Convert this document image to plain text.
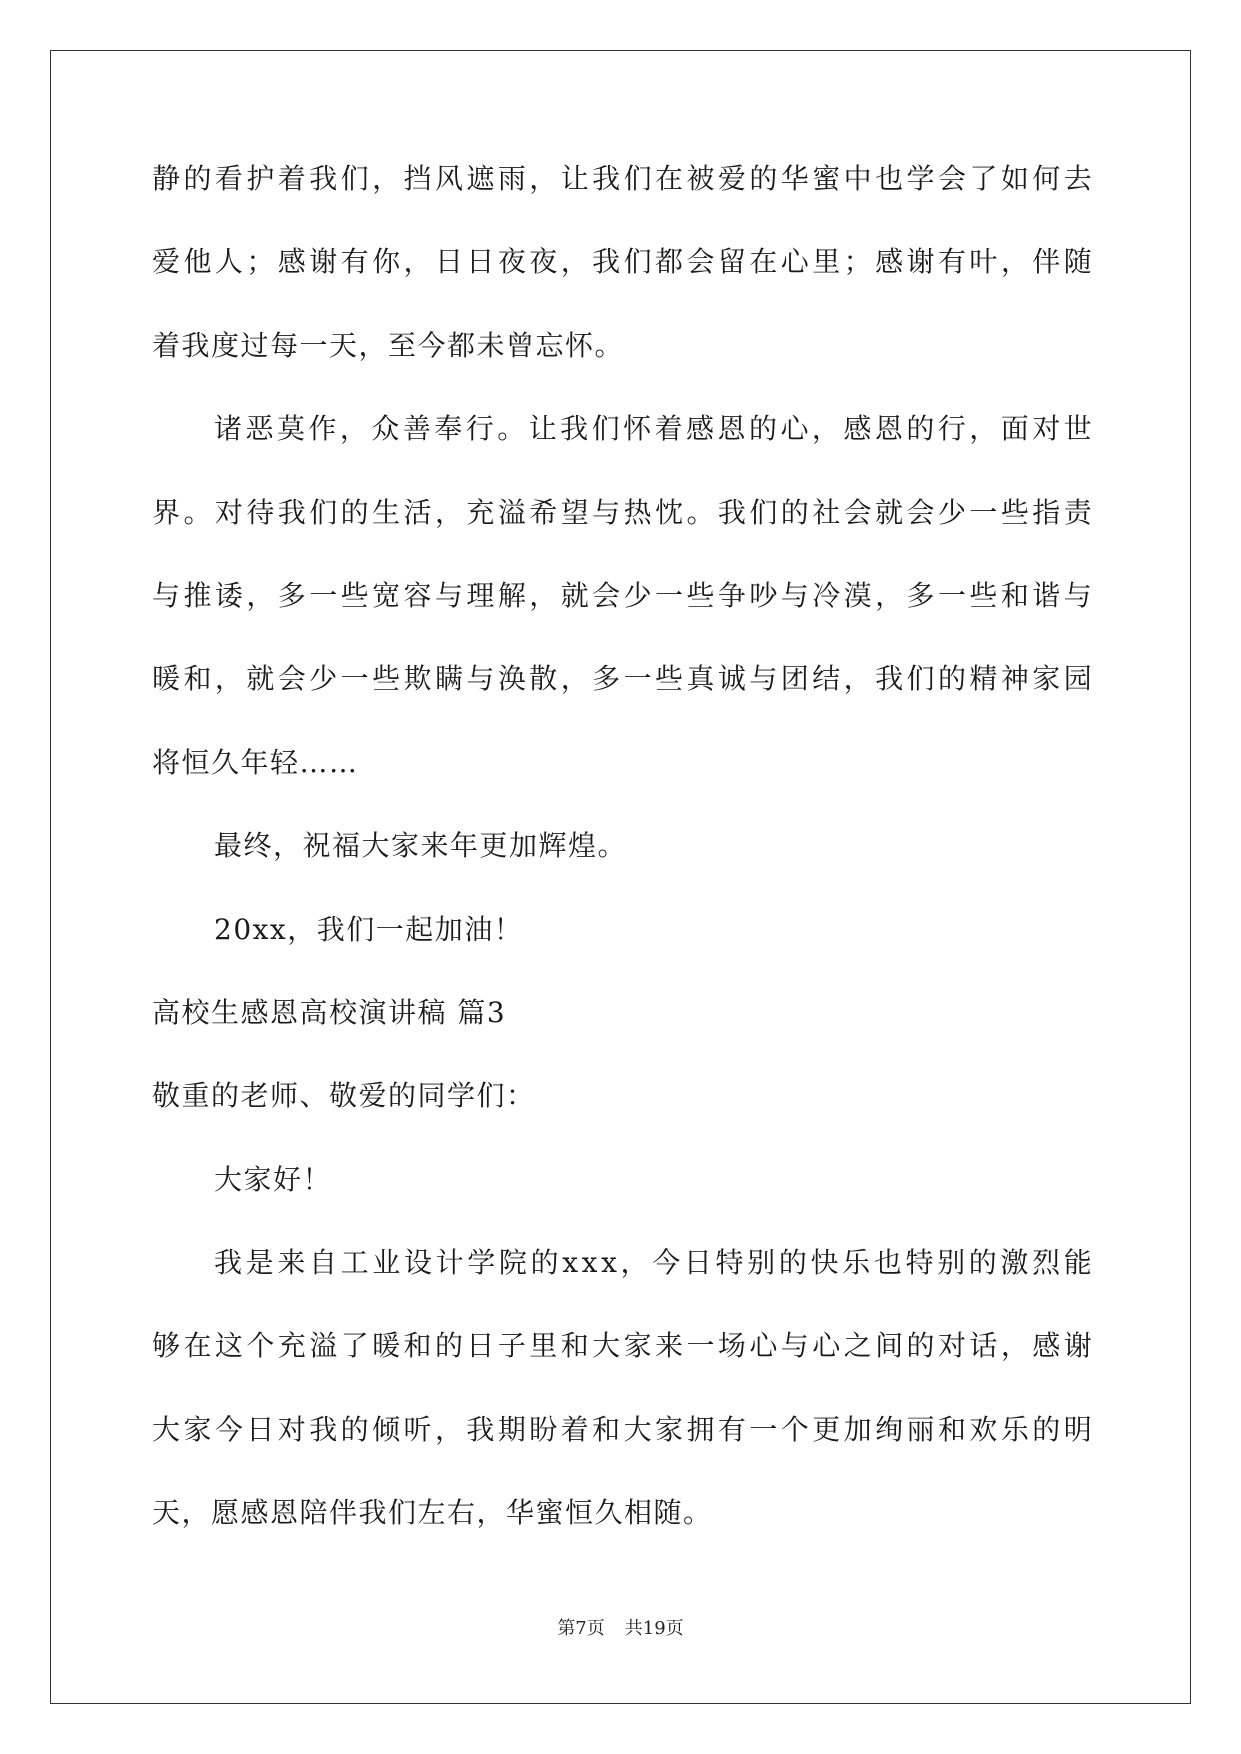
静 的 看 护 着 我 们 ， 挡 风 遮 雨 ， 让 我 们 在 被 爱 的 华 蜜 中 也 学 会 了 如 何 去
爱 他 人 ； 感 谢 有 你 ， 日 日 夜 夜 ， 我 们 都 会 留 在 心 里 ； 感 谢 有 叶 ， 伴 随
着我度过每一天，至今都未曾忘怀。
诸 恶 莫 作 ， 众 善 奉 行 。 让 我 们 怀 着 感 恩 的 心 ， 感 恩 的 行 ， 面 对 世
界 。 对 待 我 们 的 生 活 ， 充 溢 希 望 与 热 忱 。 我 们 的 社 会 就 会 少 一 些 指 责
与 推 诿 ， 多 一 些 宽 容 与 理 解 ， 就 会 少 一 些 争 吵 与 冷 漠 ， 多 一 些 和 谐 与
暖 和 ， 就 会 少 一 些 欺 瞒 与 涣 散 ， 多 一 些 真 诚 与 团 结 ， 我 们 的 精 神 家 园
将恒久年轻……
最终，祝福大家来年更加辉煌。
20xx，我们一起加油！
高校生感恩高校演讲稿 篇3
敬重的老师、敬爱的同学们：
大家好！
我 是 来 自 工 业 设 计 学 院 的 x x x ， 今 日 特 别 的 快 乐 也 特 别 的 激 烈 能
够 在 这 个 充 溢 了 暖 和 的 日 子 里 和 大 家 来 一 场 心 与 心 之 间 的 对 话 ， 感 谢
大 家 今 日 对 我 的 倾 听 ， 我 期 盼 着 和 大 家 拥 有 一 个 更 加 绚 丽 和 欢 乐 的 明
天，愿感恩陪伴我们左右，华蜜恒久相随。
第7页 共19页
